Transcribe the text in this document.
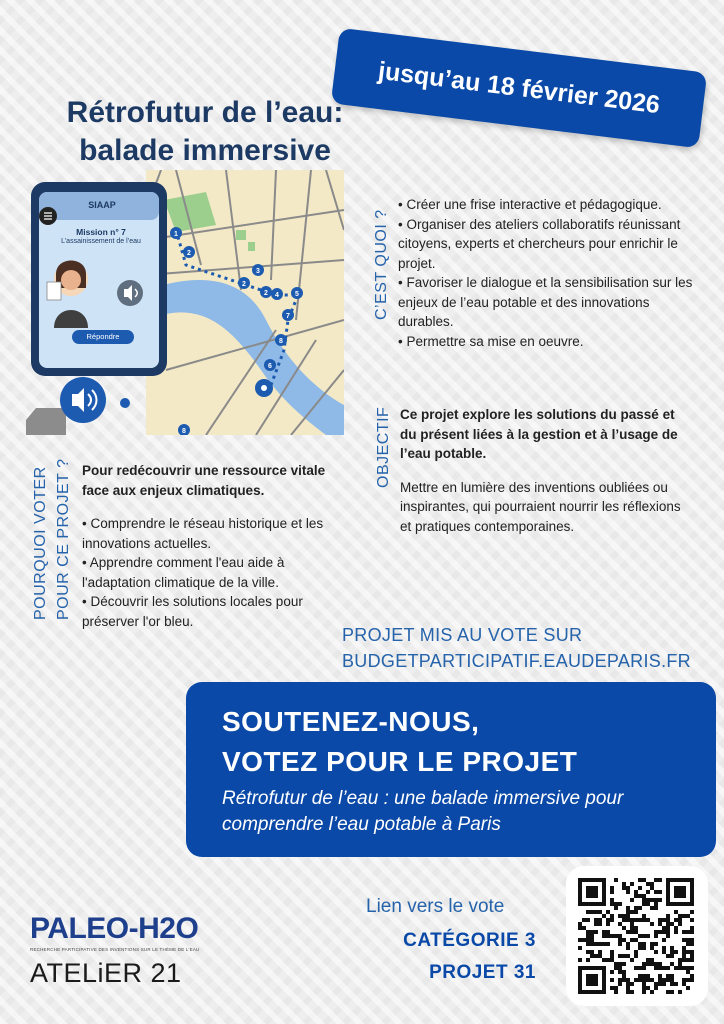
Rétrofutur de l’eau:
balade immersive
jusqu’au 18 février 2026
1
2
3
2
2 4 5
6
7
8
8
SIAAP
Mission n° 7
L’assainissement de l’eau
Répondre
C’EST QUOI ?

• Créer une frise interactive et pédagogique.

• Organiser des ateliers collaboratifs réunissant citoyens, experts et chercheurs pour enrichir le projet.

• Favoriser le dialogue et la sensibilisation sur les enjeux de l’eau potable et des innovations durables.

• Permettre sa mise en oeuvre.

OBJECTIF Ce projet explore les solutions du passé et du présent liées à la gestion et à l’usage de l’eau potable.

Mettre en lumière des inventions oubliées ou inspirantes, qui pourraient nourrir les réflexions et pratiques contemporaines.

POURQUOI VOTER POUR CE PROJET ? Pour redécouvrir une ressource vitale face aux enjeux climatiques.

• Comprendre le réseau historique et les innovations actuelles.

• Apprendre comment l'eau aide à l'adaptation climatique de la ville.

• Découvrir les solutions locales pour préserver l'or bleu.

PROJET MIS AU VOTE SUR
BUDGETPARTICIPATIF.EAUDEPARIS.FR
SOUTENEZ-NOUS,
VOTEZ POUR LE PROJET
Rétrofutur de l’eau : une balade immersive pour
comprendre l’eau potable à Paris
Lien vers le vote
CATÉGORIE 3
PROJET 31
PALEO-H2O
RECHERCHE PARTICIPATIVE DES INVENTIONS SUR LE THÈME DE L'EAU
ATELiER 21
